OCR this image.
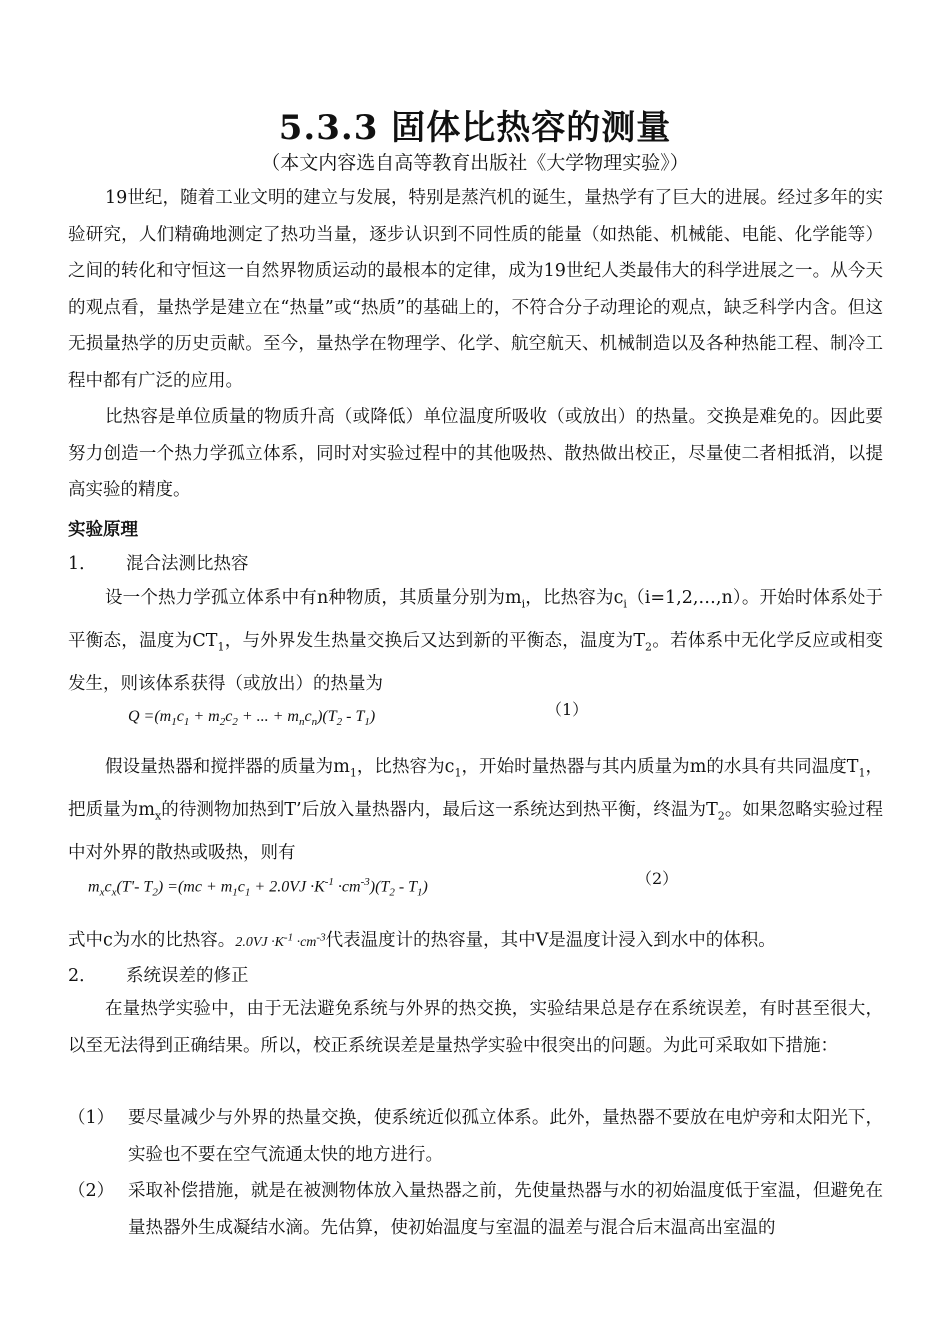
5.3.3 固体比热容的测量
（本文内容选自高等教育出版社《大学物理实验》）
19世纪，随着工业文明的建立与发展，特别是蒸汽机的诞生，量热学有了巨大的进展。经过多年的实验研究，人们精确地测定了热功当量，逐步认识到不同性质的能量（如热能、机械能、电能、化学能等）之间的转化和守恒这一自然界物质运动的最根本的定律，成为19世纪人类最伟大的科学进展之一。从今天的观点看，量热学是建立在“热量”或“热质”的基础上的，不符合分子动理论的观点，缺乏科学内含。但这无损量热学的历史贡献。至今，量热学在物理学、化学、航空航天、机械制造以及各种热能工程、制冷工程中都有广泛的应用。
比热容是单位质量的物质升高（或降低）单位温度所吸收（或放出）的热量。交换是难免的。因此要努力创造一个热力学孤立体系，同时对实验过程中的其他吸热、散热做出校正，尽量使二者相抵消，以提高实验的精度。
实验原理
1． 混合法测比热容
设一个热力学孤立体系中有n种物质，其质量分别为$m_i$，比热容为$c_i(i=1,2,\dots,n)$。开始时体系处于平衡态，温度为$CT_1$，与外界发生热量交换后又达到新的平衡态，温度为$T_2$。若体系中无化学反应或相变发生，则该体系获得（或放出）的热量为
$Q =(m_1c_1 + m_2c_2$ + ... + $m_nc_n)(T_2 - T_1)$	（1）
假设量热器和搅拌器的质量为$m_1$，比热容为$c_1$，开始时量热器与其内质量为m的水具有共同温度$T_1$，把质量为$m_x$的待测物加热到T’后放入量热器内，最后这一系统达到热平衡，终温为$T_2$。如果忽略实验过程中对外界的散热或吸热，则有
$m_xc_x(T'-$ $T_2) =(mc + m_1c_1 + 2.0VJ \cdot K^{-1} \cdot cm^{-3})(T_2 - T_1)$	（2）
式中c为水的比热容。$2.0VJ \cdot K^{-1} \cdot cm^{-3}$代表温度计的热容量，其中V是温度计浸入到水中的体积。
2． 系统误差的修正
在量热学实验中，由于无法避免系统与外界的热交换，实验结果总是存在系统误差，有时甚至很大，以至无法得到正确结果。所以，校正系统误差是量热学实验中很突出的问题。为此可采取如下措施：
（1） 要尽量减少与外界的热量交换，使系统近似孤立体系。此外，量热器不要放在电炉旁和太阳光下，实验也不要在空气流通太快的地方进行。
（2） 采取补偿措施，就是在被测物体放入量热器之前，先使量热器与水的初始温度低于室温，但避免在量热器外生成凝结水滴。先估算，使初始温度与室温的温差与混合后末温高出室温的
